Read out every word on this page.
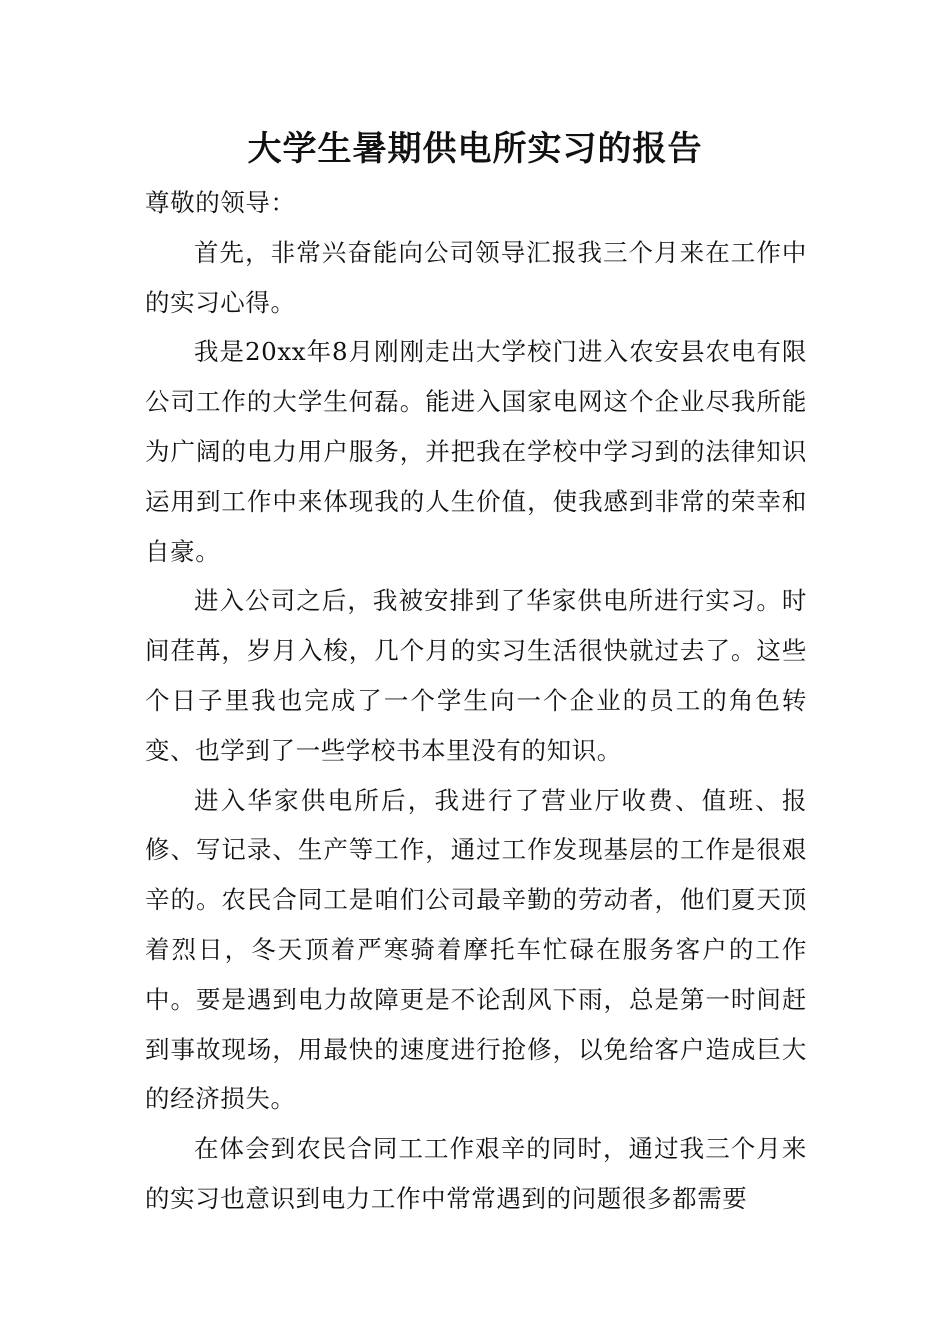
大学生暑期供电所实习的报告

尊敬的领导：

首先，非常兴奋能向公司领导汇报我三个月来在工作中的实习心得。

我是20xx年8月刚刚走出大学校门进入农安县农电有限公司工作的大学生何磊。能进入国家电网这个企业尽我所能为广阔的电力用户服务，并把我在学校中学习到的法律知识运用到工作中来体现我的人生价值，使我感到非常的荣幸和自豪。

进入公司之后，我被安排到了华家供电所进行实习。时间荏苒，岁月入梭，几个月的实习生活很快就过去了。这些个日子里我也完成了一个学生向一个企业的员工的角色转变、也学到了一些学校书本里没有的知识。

进入华家供电所后，我进行了营业厅收费、值班、报修、写记录、生产等工作，通过工作发现基层的工作是很艰辛的。农民合同工是咱们公司最辛勤的劳动者，他们夏天顶着烈日，冬天顶着严寒骑着摩托车忙碌在服务客户的工作中。要是遇到电力故障更是不论刮风下雨，总是第一时间赶到事故现场，用最快的速度进行抢修，以免给客户造成巨大的经济损失。

在体会到农民合同工工作艰辛的同时，通过我三个月来的实习也意识到电力工作中常常遇到的问题很多都需要
